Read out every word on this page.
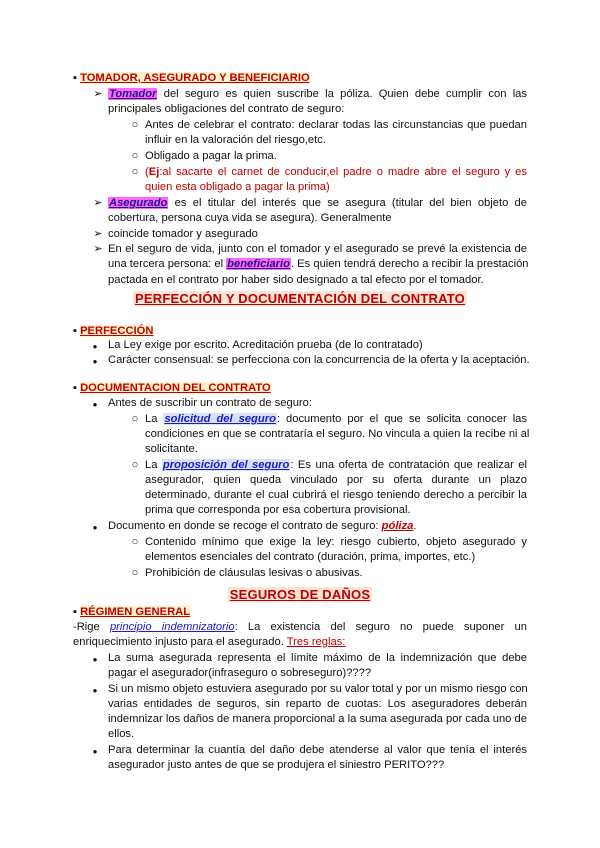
▪ TOMADOR, ASEGURADO Y BENEFICIARIO
➢ Tomador del seguro es quien suscribe la póliza. Quien debe cumplir con las
principales obligaciones del contrato de seguro:
○ Antes de celebrar el contrato: declarar todas las circunstancias que puedan
influir en la valoración del riesgo,etc.
○ Obligado a pagar la prima.
○ (Ej:al sacarte el carnet de conducir,el padre o madre abre el seguro y es
quien esta obligado a pagar la prima)
➢ Asegurado es el titular del interés que se asegura (titular del bien objeto de
cobertura, persona cuya vida se asegura). Generalmente
➢ coincide tomador y asegurado
➢ En el seguro de vida, junto con el tomador y el asegurado se prevé la existencia de
una tercera persona: el beneficiario. Es quien tendrá derecho a recibir la prestación
pactada en el contrato por haber sido designado a tal efecto por el tomador.
PERFECCIÓN Y DOCUMENTACIÓN DEL CONTRATO
▪ PERFECCIÓN
● La Ley exige por escrito. Acreditación prueba (de lo contratado)
● Carácter consensual: se perfecciona con la concurrencia de la oferta y la aceptación.
▪ DOCUMENTACION DEL CONTRATO
● Antes de suscribir un contrato de seguro:
○ La solicitud del seguro: documento por el que se solicita conocer las
condiciones en que se contrataría el seguro. No vincula a quien la recibe ni al
solicitante.
○ La proposición del seguro: Es una oferta de contratación que realizar el
asegurador, quien queda vinculado por su oferta durante un plazo
determinado, durante el cual cubrirá el riesgo teniendo derecho a percibir la
prima que corresponda por esa cobertura provisional.
● Documento en donde se recoge el contrato de seguro: póliza.
○ Contenido mínimo que exige la ley: riesgo cubierto, objeto asegurado y
elementos esenciales del contrato (duración, prima, importes, etc.)
○ Prohibición de cláusulas lesivas o abusivas.
SEGUROS DE DAÑOS
▪ RÉGIMEN GENERAL
-Rige principio indemnizatorio: La existencia del seguro no puede suponer un
enriquecimiento injusto para el asegurado. Tres reglas:
● La suma asegurada representa el límite máximo de la indemnización que debe
pagar el asegurador(infraseguro o sobreseguro)????
● Si un mismo objeto estuviera asegurado por su valor total y por un mismo riesgo con
varias entidades de seguros, sin reparto de cuotas: Los aseguradores deberán
indemnizar los daños de manera proporcional a la suma asegurada por cada uno de
ellos.
● Para determinar la cuantía del daño debe atenderse al valor que tenía el interés
asegurador justo antes de que se produjera el siniestro PERITO???
